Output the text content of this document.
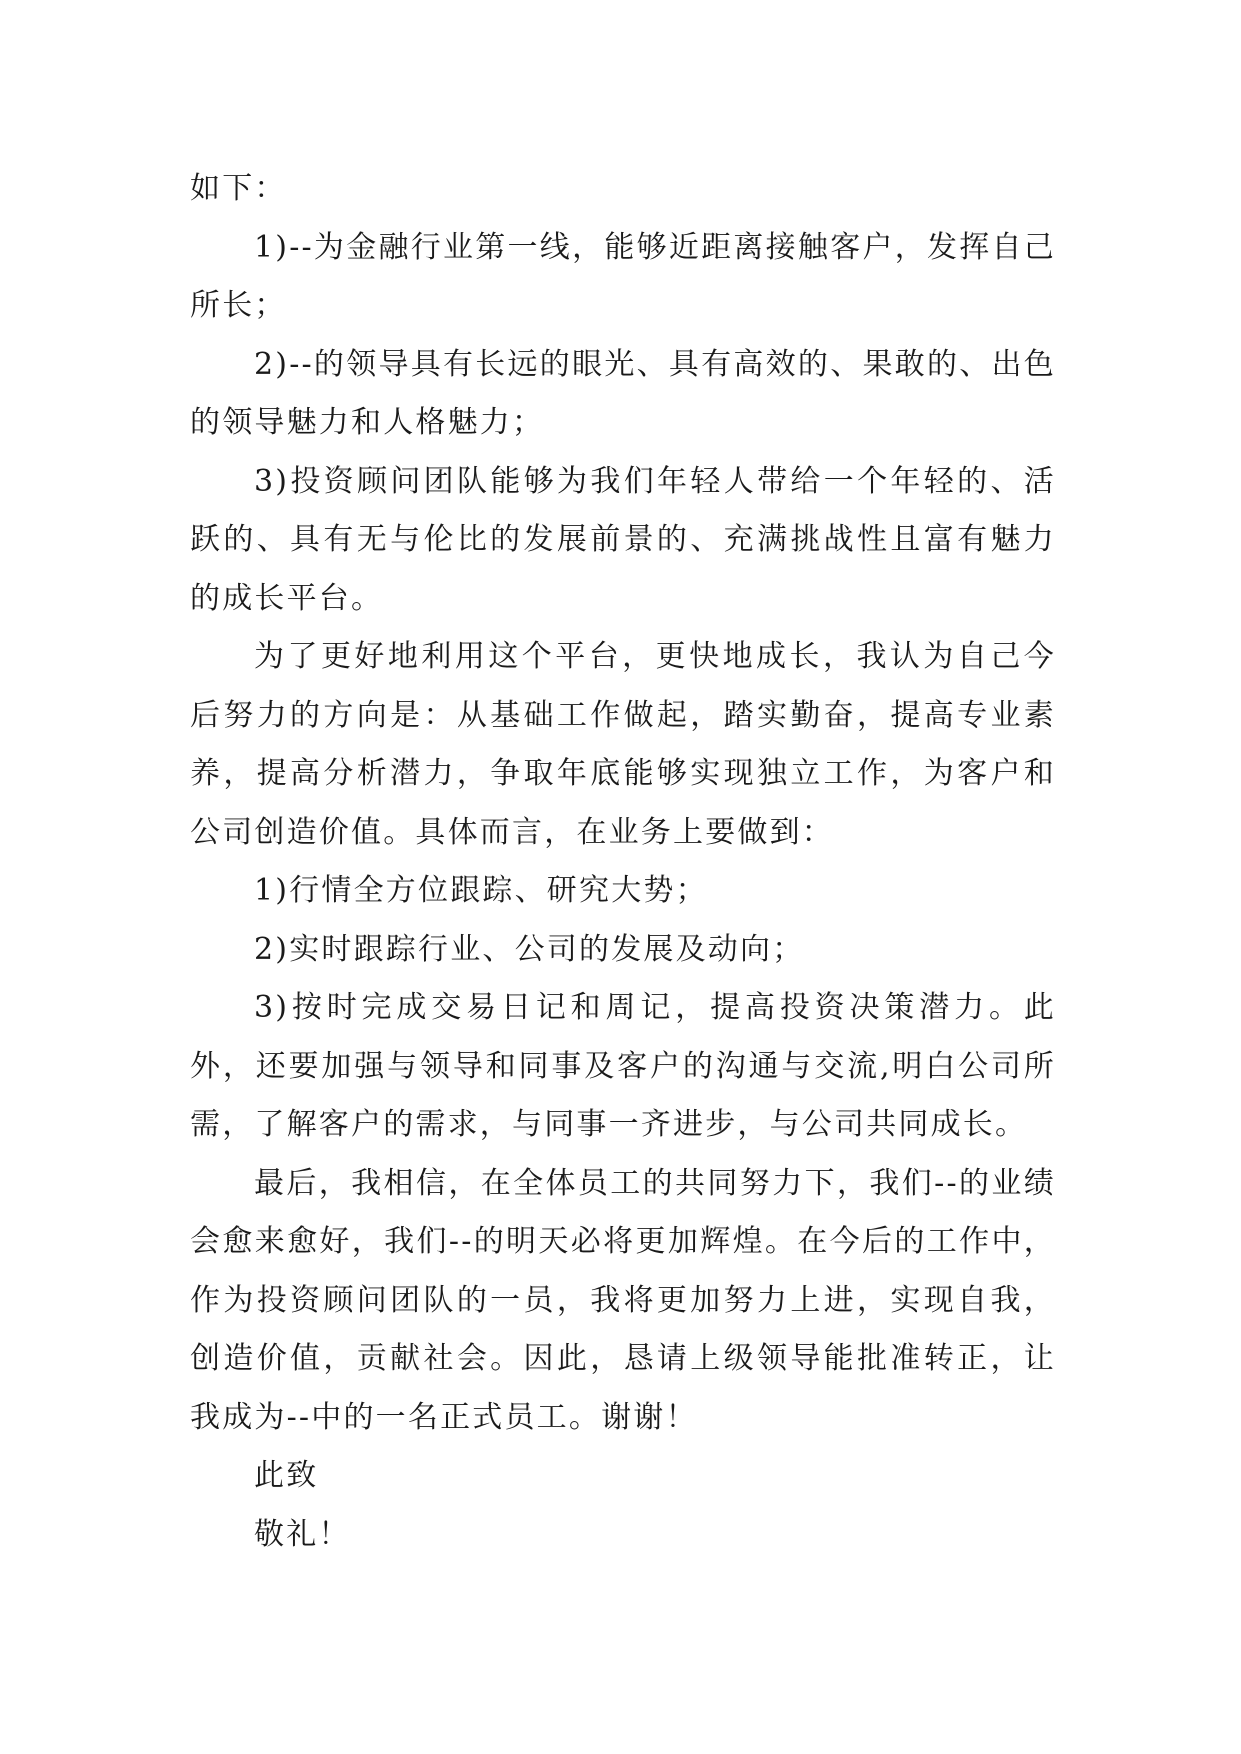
如下：

1)--为金融行业第一线，能够近距离接触客户，发挥自己所长；

2)--的领导具有长远的眼光、具有高效的、果敢的、出色的领导魅力和人格魅力；

3)投资顾问团队能够为我们年轻人带给一个年轻的、活跃的、具有无与伦比的发展前景的、充满挑战性且富有魅力的成长平台。

为了更好地利用这个平台，更快地成长，我认为自己今后努力的方向是：从基础工作做起，踏实勤奋，提高专业素养，提高分析潜力，争取年底能够实现独立工作，为客户和公司创造价值。具体而言，在业务上要做到：

1)行情全方位跟踪、研究大势；

2)实时跟踪行业、公司的发展及动向；

3)按时完成交易日记和周记，提高投资决策潜力。此外，还要加强与领导和同事及客户的沟通与交流,明白公司所需，了解客户的需求，与同事一齐进步，与公司共同成长。

最后，我相信，在全体员工的共同努力下，我们--的业绩会愈来愈好，我们--的明天必将更加辉煌。在今后的工作中，作为投资顾问团队的一员，我将更加努力上进，实现自我，创造价值，贡献社会。因此，恳请上级领导能批准转正，让我成为--中的一名正式员工。谢谢！

此致

敬礼！
